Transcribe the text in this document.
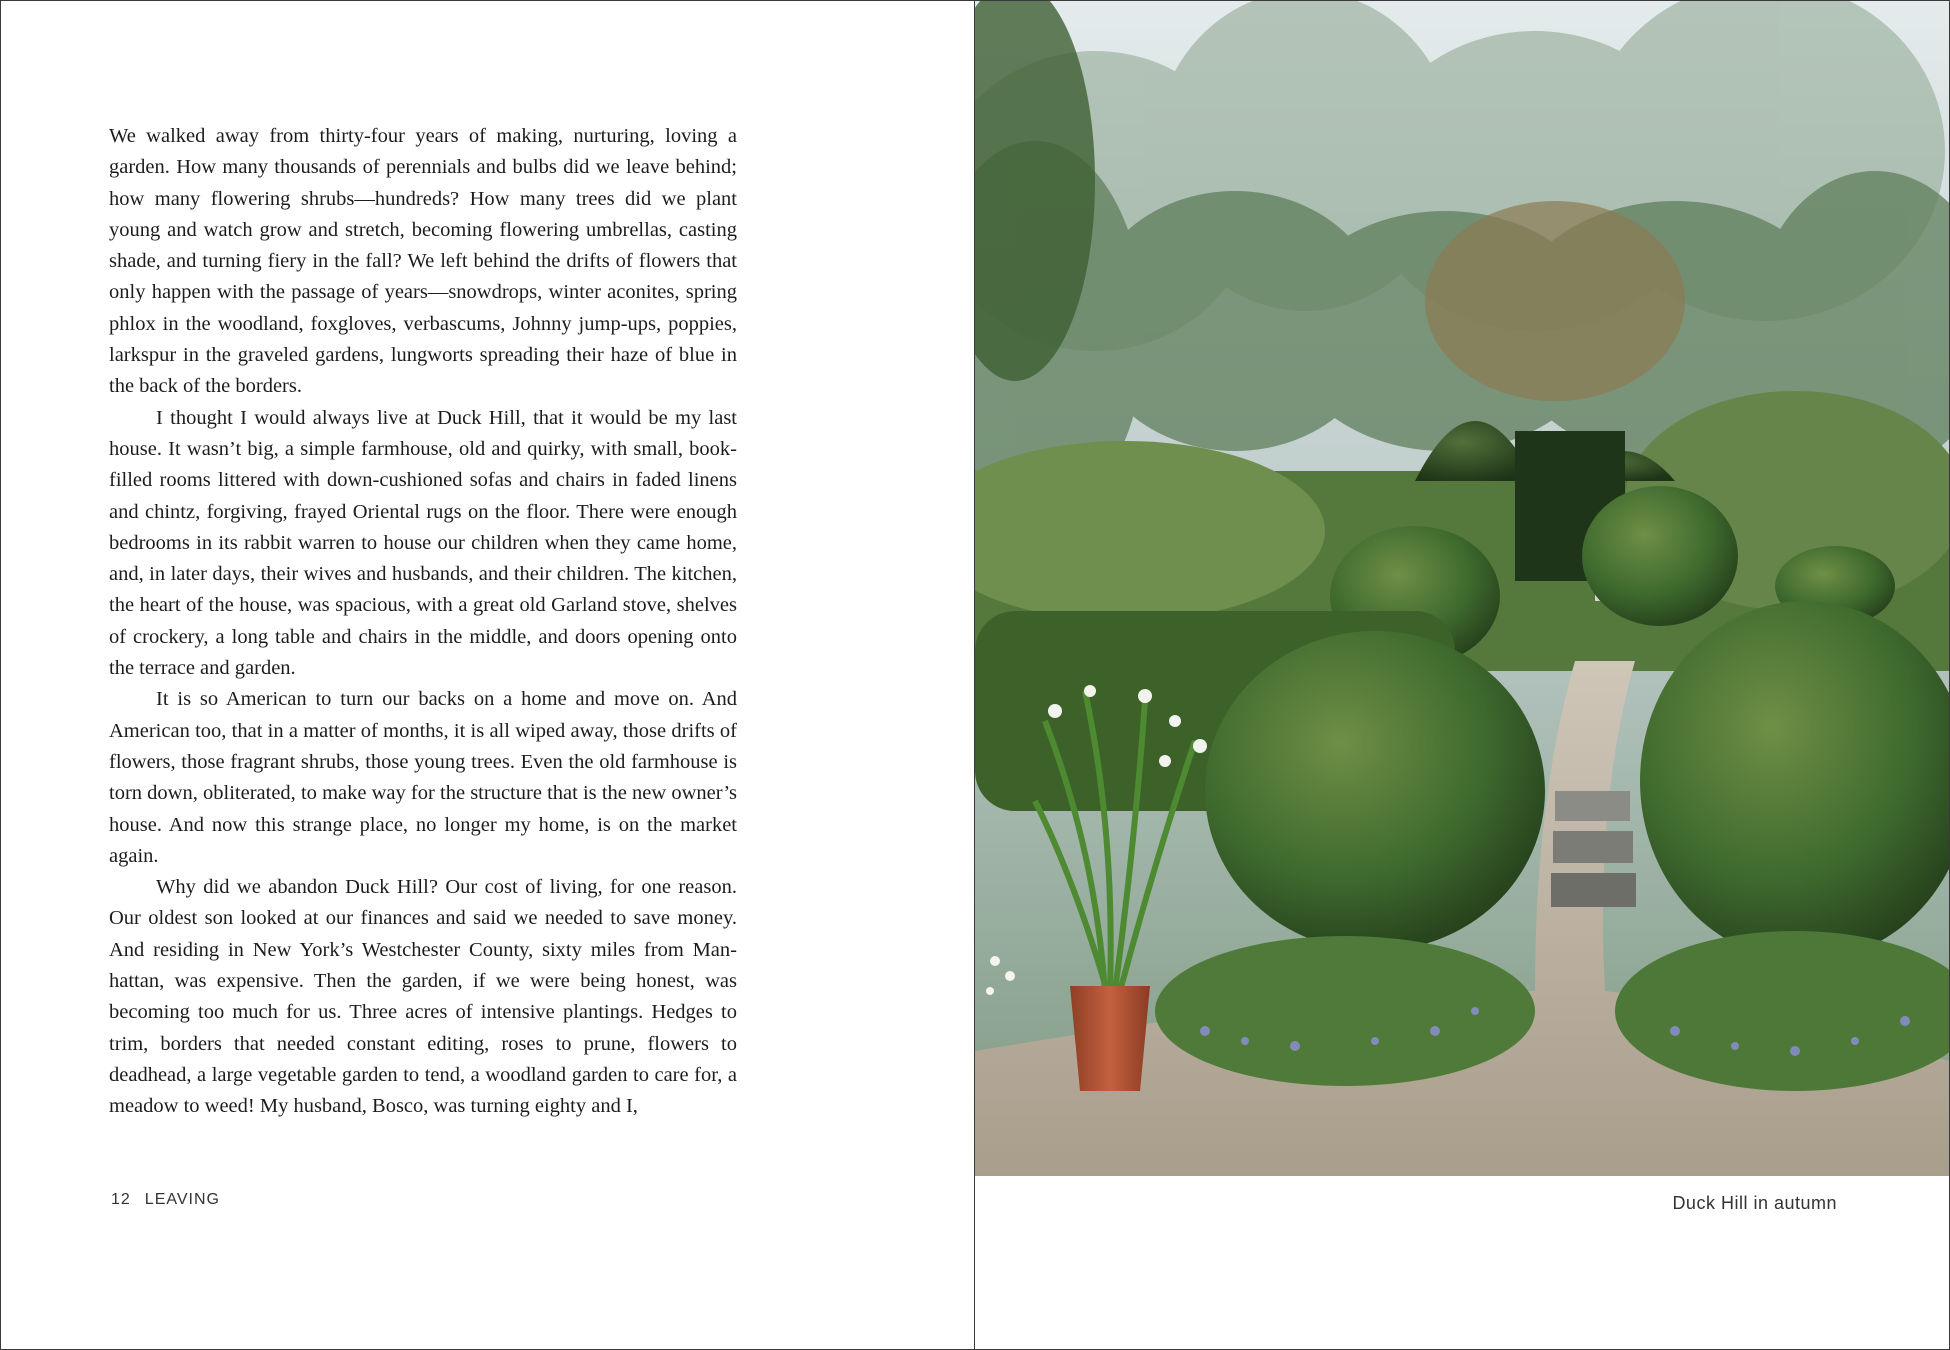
We walked away from thirty-four years of making, nurturing, loving a garden. How many thousands of perennials and bulbs did we leave behind; how many flowering shrubs—hundreds? How many trees did we plant young and watch grow and stretch, becoming flowering umbrellas, casting shade, and turning fiery in the fall? We left behind the drifts of flowers that only happen with the passage of years—snowdrops, winter aconites, spring phlox in the woodland, foxgloves, verbascums, Johnny jump-ups, poppies, larkspur in the graveled gardens, lungworts spreading their haze of blue in the back of the borders.

I thought I would always live at Duck Hill, that it would be my last house. It wasn’t big, a simple farmhouse, old and quirky, with small, book-filled rooms littered with down-cushioned sofas and chairs in faded linens and chintz, forgiving, frayed Oriental rugs on the floor. There were enough bedrooms in its rabbit warren to house our children when they came home, and, in later days, their wives and husbands, and their children. The kitchen, the heart of the house, was spacious, with a great old Garland stove, shelves of crockery, a long table and chairs in the middle, and doors opening onto the terrace and garden.

It is so American to turn our backs on a home and move on. And American too, that in a matter of months, it is all wiped away, those drifts of flowers, those fragrant shrubs, those young trees. Even the old farmhouse is torn down, obliterated, to make way for the structure that is the new owner’s house. And now this strange place, no longer my home, is on the market again.

Why did we abandon Duck Hill? Our cost of living, for one reason. Our oldest son looked at our finances and said we needed to save money. And residing in New York’s Westchester County, sixty miles from Manhattan, was expensive. Then the garden, if we were being honest, was becoming too much for us. Three acres of intensive plantings. Hedges to trim, borders that needed constant editing, roses to prune, flowers to deadhead, a large vegetable garden to tend, a woodland garden to care for, a meadow to weed! My husband, Bosco, was turning eighty and I,

12 LEAVING	Duck Hill in autumn
